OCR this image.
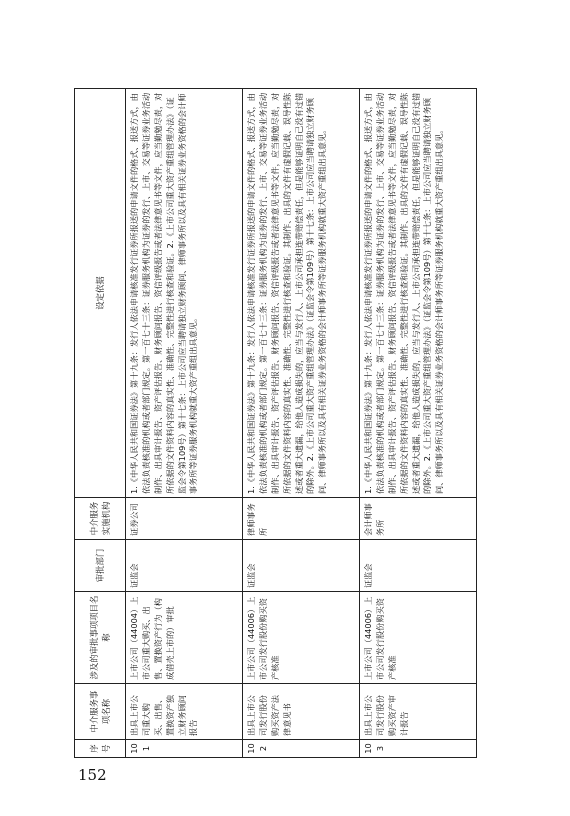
序号	中介服务事项名称	涉及的审批事项项目名称	审批部门	中介服务实施机构	设定依据
101	出具上市公司重大购买、出售、置换资产独立财务顾问报告	上市公司（44004）上市公司重大购买、出售、置换资产行为（构成借壳上市的）审批	证监会	证券公司	1.《中华人民共和国证券法》第十九条：发行人依法申请核准发行证券所报送的申请文件的格式、报送方式，由依法负责核准的机构或者部门规定。第一百七十三条：证券服务机构为证券的发行、上市、交易等证券业务活动制作、出具审计报告、资产评估报告、财务顾问报告、资信评级报告或者法律意见书等文件，应当勤勉尽责，对所依据的文件资料内容的真实性、准确性、完整性进行核查和验证。2.《上市公司重大资产重组管理办法》（证监会令第109号）第十七条：上市公司应当聘请独立财务顾问、律师事务所以及具有相关证券业务资格的会计师事务所等证券服务机构就重大资产重组出具意见。
102	出具上市公司发行股份购买资产法律意见书	上市公司（44006）上市公司发行股份购买资产核准	证监会	律师事务所	1.《中华人民共和国证券法》第十九条：发行人依法申请核准发行证券所报送的申请文件的格式、报送方式，由依法负责核准的机构或者部门规定。第一百七十三条：证券服务机构为证券的发行、上市、交易等证券业务活动制作、出具审计报告、资产评估报告、财务顾问报告、资信评级报告或者法律意见书等文件，应当勤勉尽责，对所依据的文件资料内容的真实性、准确性、完整性进行核查和验证。其制作、出具的文件有虚假记载、误导性陈述或者重大遗漏，给他人造成损失的，应当与发行人、上市公司承担连带赔偿责任，但是能够证明自己没有过错的除外。2.《上市公司重大资产重组管理办法》（证监会令第109号）第十七条：上市公司应当聘请独立财务顾问、律师事务所以及具有相关证券业务资格的会计师事务所等证券服务机构就重大资产重组出具意见。
103	出具上市公司发行股份购买资产审计报告	上市公司（44006）上市公司发行股份购买资产核准	证监会	会计师事务所	1.《中华人民共和国证券法》第十九条：发行人依法申请核准发行证券所报送的申请文件的格式、报送方式，由依法负责核准的机构或者部门规定。第一百七十三条：证券服务机构为证券的发行、上市、交易等证券业务活动制作、出具审计报告、资产评估报告、财务顾问报告、资信评级报告或者法律意见书等文件，应当勤勉尽责，对所依据的文件资料内容的真实性、准确性、完整性进行核查和验证。其制作、出具的文件有虚假记载、误导性陈述或者重大遗漏，给他人造成损失的，应当与发行人、上市公司承担连带赔偿责任，但是能够证明自己没有过错的除外。2.《上市公司重大资产重组管理办法》（证监会令第109号）第十七条：上市公司应当聘请独立财务顾问、律师事务所以及具有相关证券业务资格的会计师事务所等证券服务机构就重大资产重组出具意见。
152
